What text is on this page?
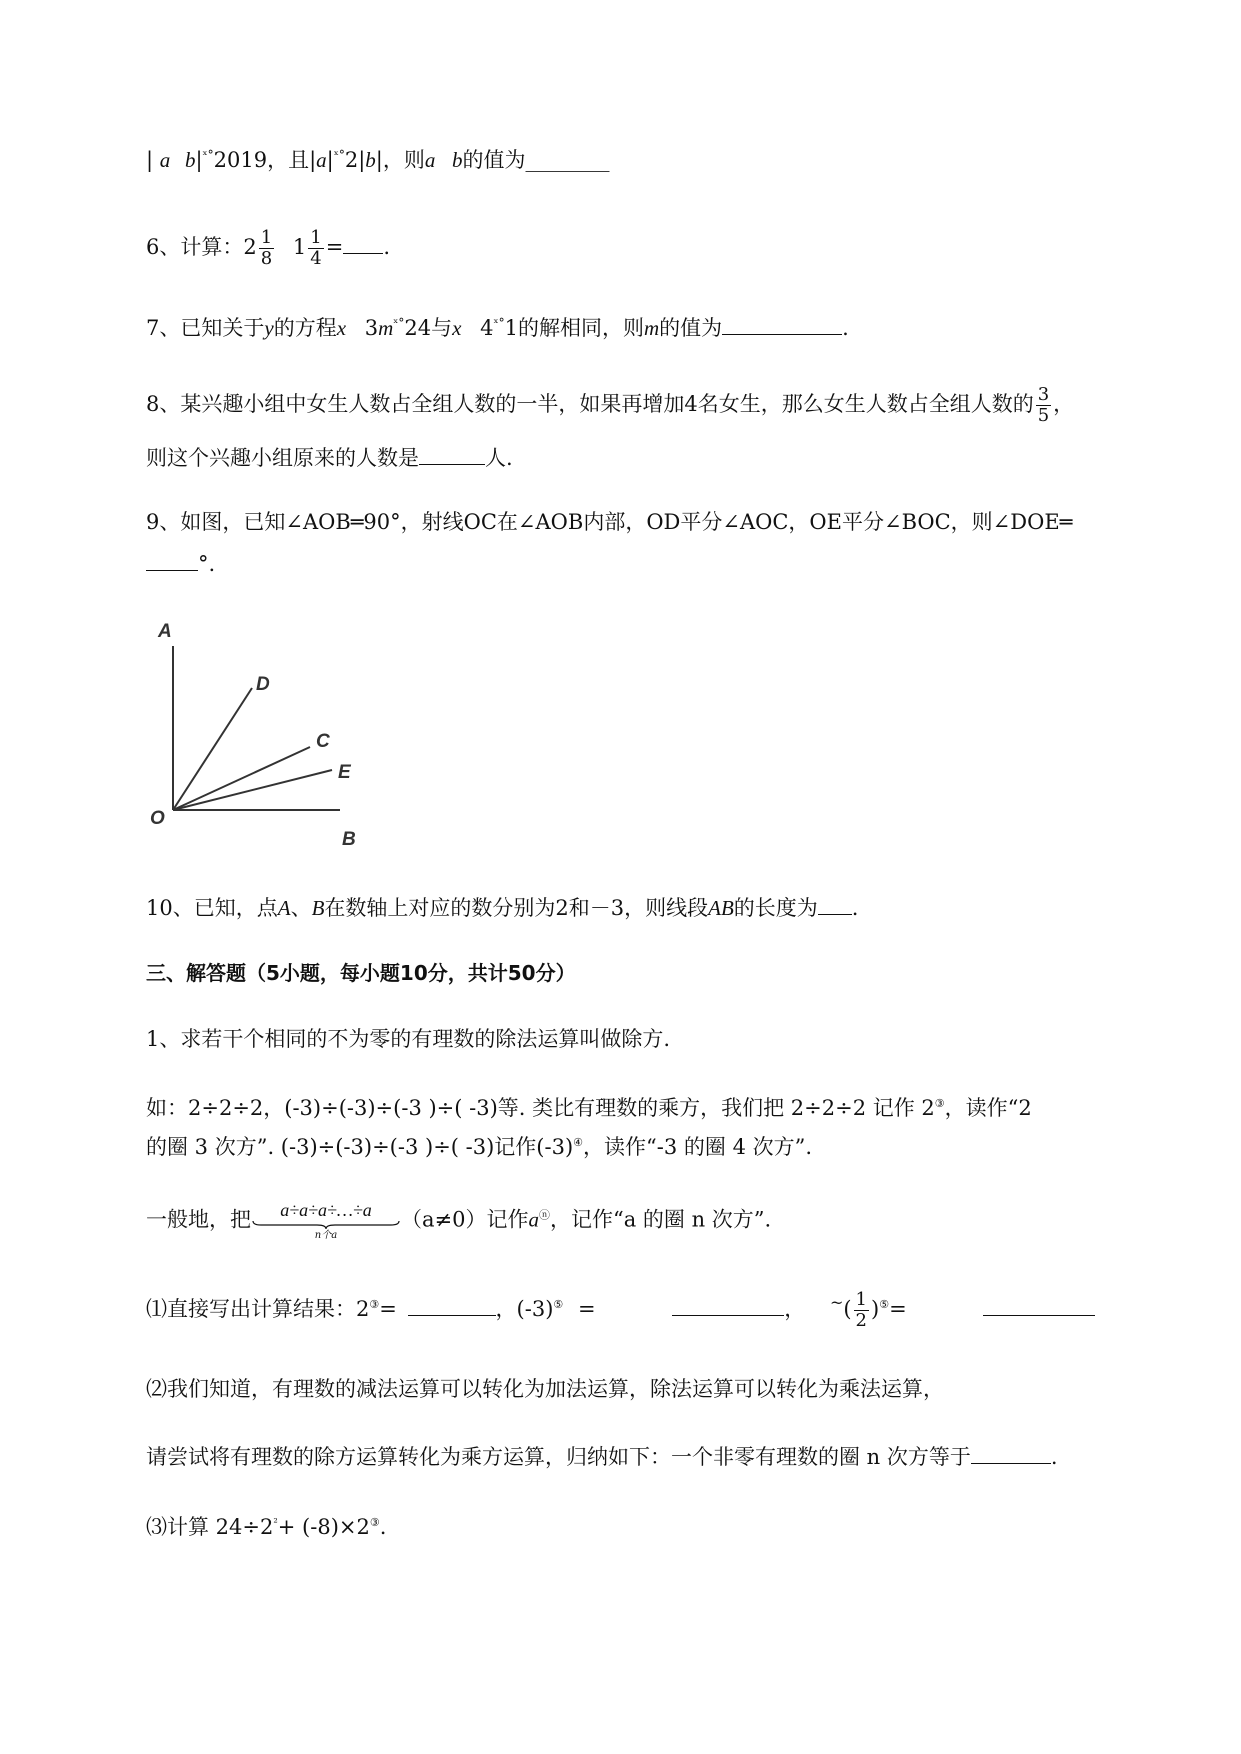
| a $b|^{ˣ^\circ}2019$，且$|a|^{ˣ^\circ}2|b|$，则a b的值为________
6、计算：$2 \frac{1}{8} 1 \frac{1}{4}$ = .
7、已知关于y的方程x $3m^{ˣ^\circ}24$与x $4^{ˣ^\circ}1$的解相同，则m的值为	.
8、某兴趣小组中女生人数占全组人数的一半，如果再增加4名女生，那么女生人数占全组人数的 $\frac{3}{5}$ ，
则这个兴趣小组原来的人数是	人.
9、如图，已知∠AOB═90°，射线OC在∠AOB内部，OD平分∠AOC，OE平分∠BOC，则∠DOE═
°.
A
D
C
E
O
B
10、已知，点A、B在数轴上对应的数分别为2和－3，则线段AB的长度为 .
三、解答题（5小题，每小题10分，共计50分）
1、求若干个相同的不为零的有理数的除法运算叫做除方.
如：2÷2÷2，(-3)÷(-3)÷(-3 )÷( -3)等. 类比有理数的乘方，我们把 2÷2÷2 记作 2③，读作“2
的圈 3 次方”. (-3)÷(-3)÷(-3 )÷( -3)记作(-3)④，读作“-3 的圈 4 次方”.
一般地，把	a÷a÷a÷…÷a
n个a
（a≠0）记作aⓝ，记作“a 的圈 n 次方”.
⑴直接写出计算结果：2③=	，(-3)⑤ =	， $^\sim( \frac{1}{2} )^⑤=$
⑵我们知道，有理数的减法运算可以转化为加法运算，除法运算可以转化为乘法运算，
请尝试将有理数的除方运算转化为乘方运算，归纳如下：一个非零有理数的圈 n 次方等于	.
⑶计算 $24\div 2^{^2}+ (-8)\times 2^③$.
